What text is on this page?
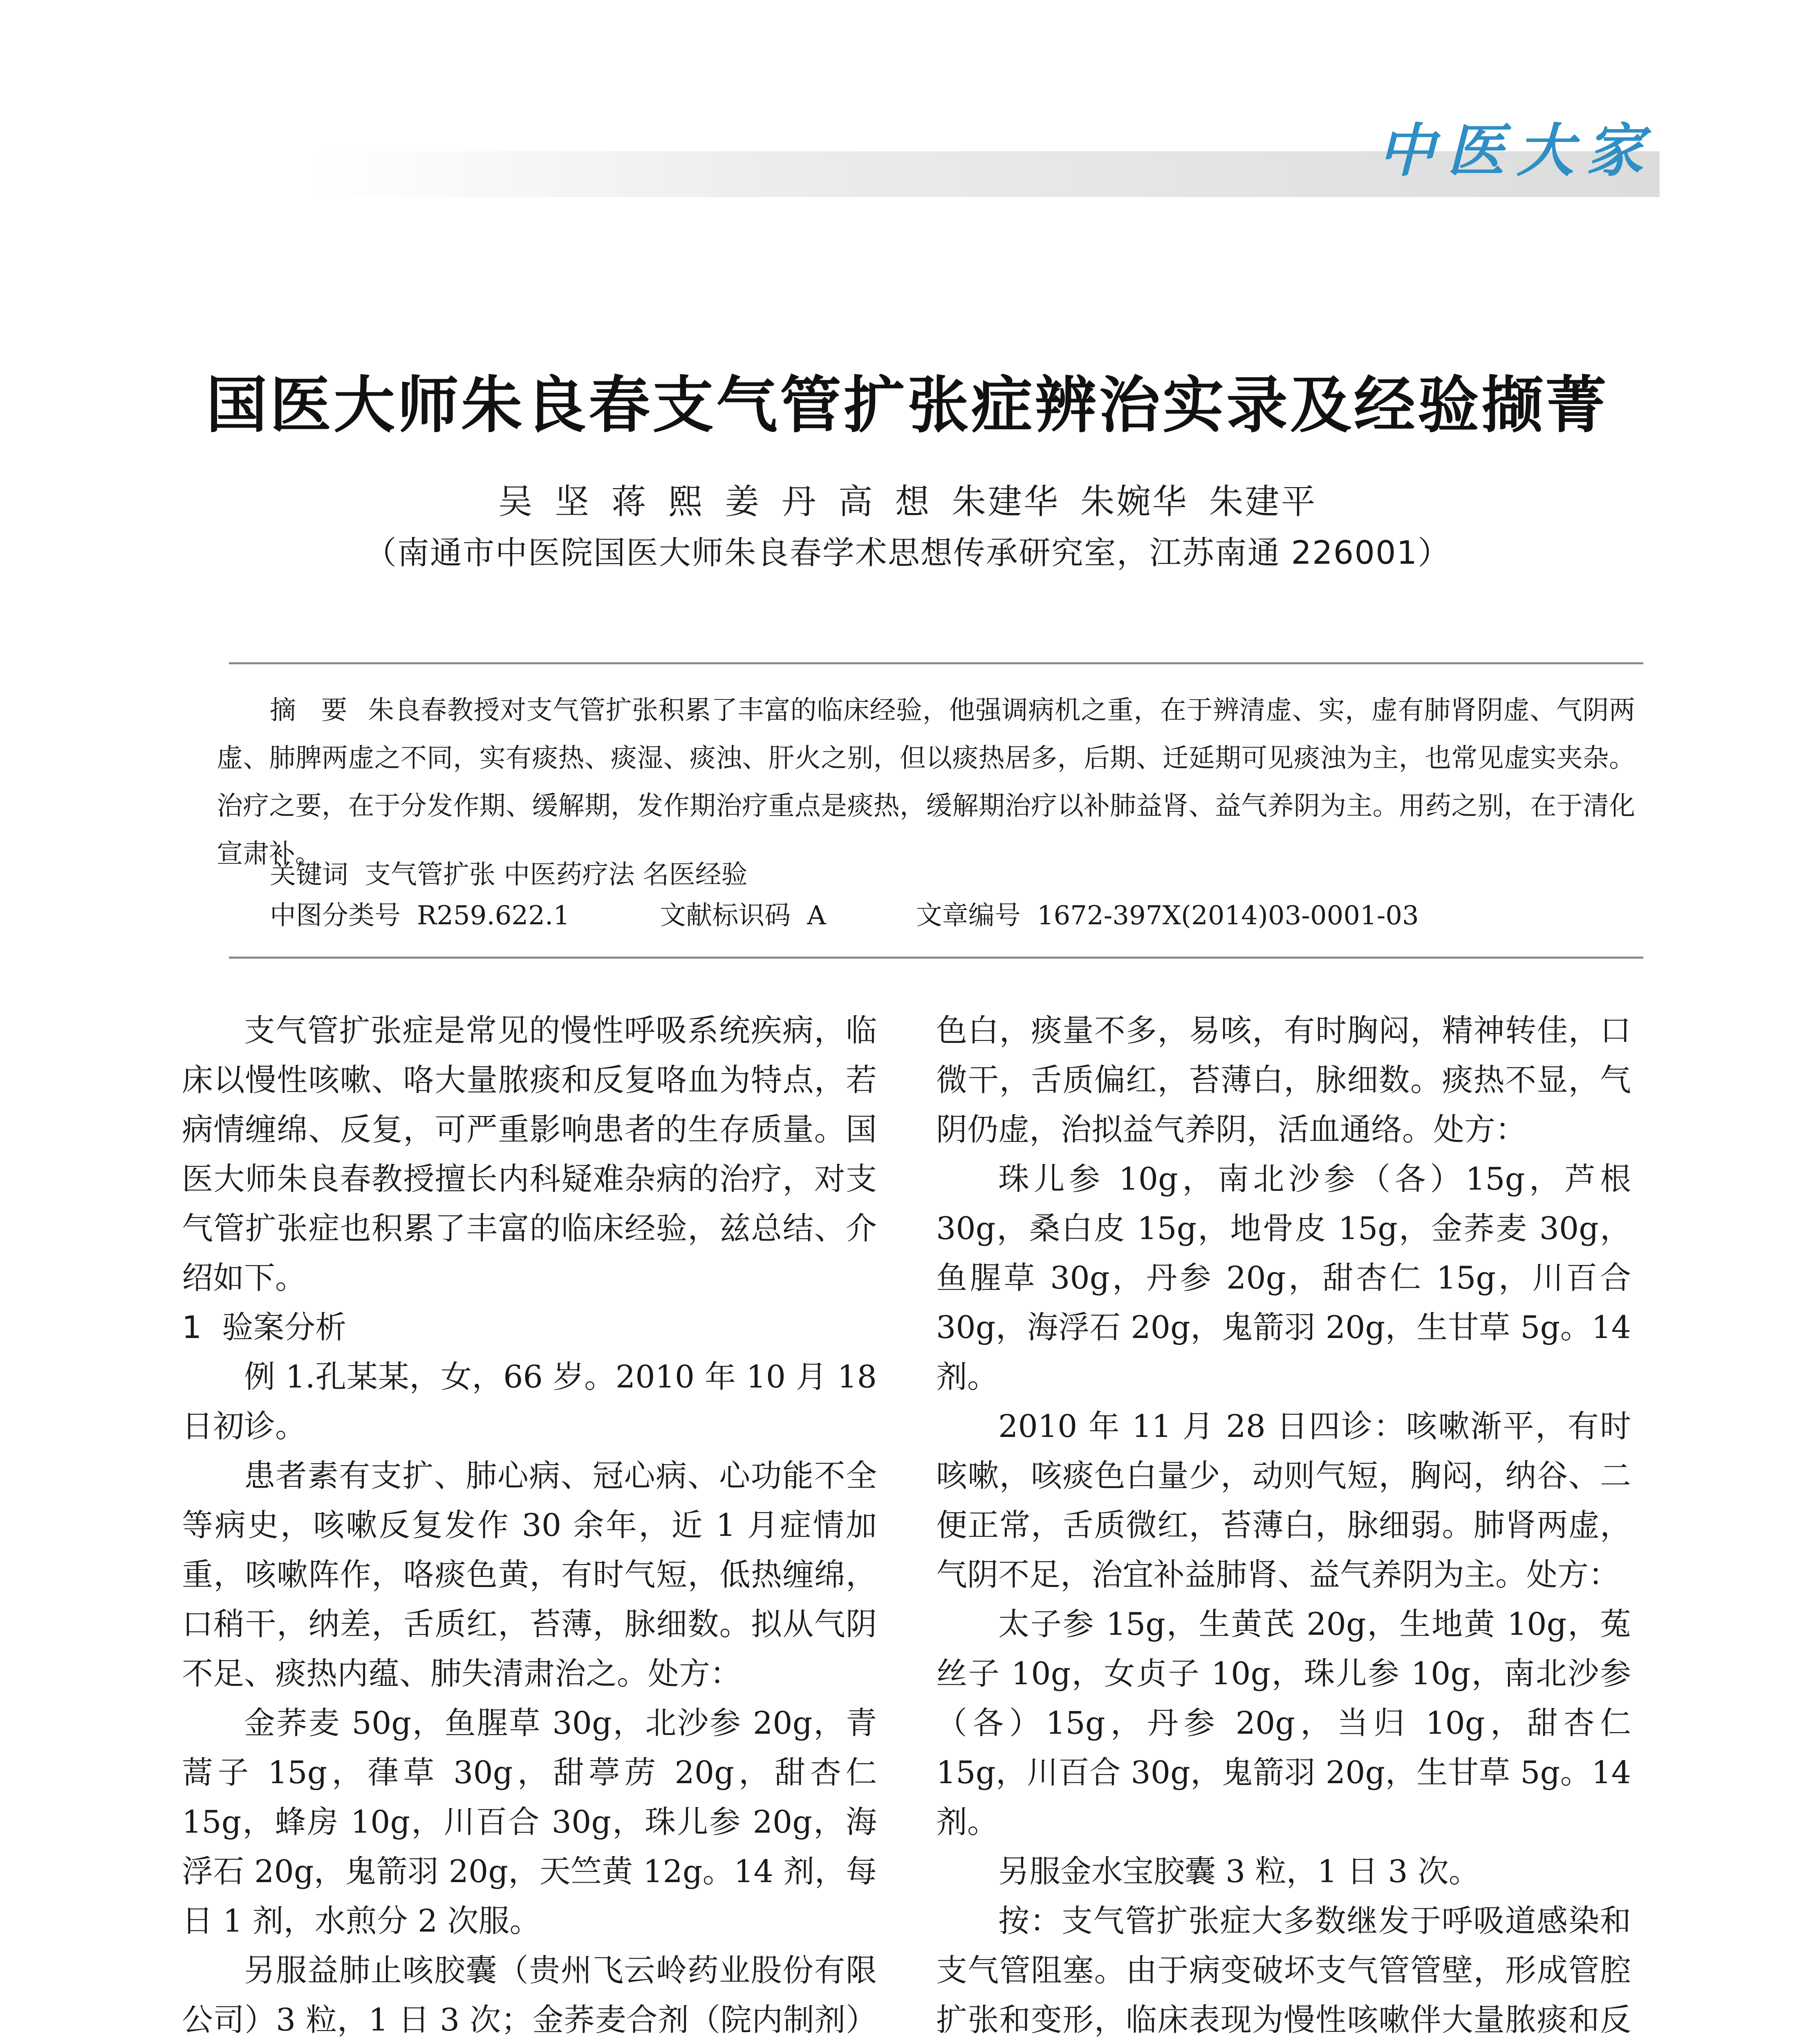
中医大家
国医大师朱良春支气管扩张症辨治实录及经验撷菁
吴 坚 蒋 熙 姜 丹 高 想 朱建华 朱婉华 朱建平
（南通市中医院国医大师朱良春学术思想传承研究室，江苏南通 226001）

摘 要 朱良春教授对支气管扩张积累了丰富的临床经验，他强调病机之重，在于辨清虚、实，虚有肺肾阴虚、气阴两虚、肺脾两虚之不同，实有痰热、痰湿、痰浊、肝火之别，但以痰热居多，后期、迁延期可见痰浊为主，也常见虚实夹杂。治疗之要，在于分发作期、缓解期，发作期治疗重点是痰热，缓解期治疗以补肺益肾、益气养阴为主。用药之别，在于清化宣肃补。

关键词 支气管扩张 中医药疗法 名医经验
中图分类号 R259.622.1	文献标识码 A	文章编号 1672-397X(2014)03-0001-03

支气管扩张症是常见的慢性呼吸系统疾病，临床以慢性咳嗽、咯大量脓痰和反复咯血为特点，若病情缠绵、反复，可严重影响患者的生存质量。国医大师朱良春教授擅长内科疑难杂病的治疗，对支气管扩张症也积累了丰富的临床经验，兹总结、介绍如下。

1 验案分析

例 1.孔某某，女，66 岁。2010 年 10 月 18 日初诊。

患者素有支扩、肺心病、冠心病、心功能不全等病史，咳嗽反复发作 30 余年，近 1 月症情加重，咳嗽阵作，咯痰色黄，有时气短，低热缠绵，口稍干，纳差，舌质红，苔薄，脉细数。拟从气阴不足、痰热内蕴、肺失清肃治之。处方：

金荞麦 50g，鱼腥草 30g，北沙参 20g，青蒿子 15g，葎草 30g，甜葶苈 20g，甜杏仁 15g，蜂房 10g，川百合 30g，珠儿参 20g，海浮石 20g，鬼箭羽 20g，天竺黄 12g。14 剂，每日 1 剂，水煎分 2 次服。

另服益肺止咳胶囊（贵州飞云岭药业股份有限公司）3 粒，1 日 3 次；金荞麦合剂（院内制剂）

色白，痰量不多，易咳，有时胸闷，精神转佳，口微干，舌质偏红，苔薄白，脉细数。痰热不显，气阴仍虚，治拟益气养阴，活血通络。处方：

珠儿参 10g，南北沙参（各）15g，芦根 30g，桑白皮 15g，地骨皮 15g，金荞麦 30g，鱼腥草 30g，丹参 20g，甜杏仁 15g，川百合 30g，海浮石 20g，鬼箭羽 20g，生甘草 5g。14 剂。

2010 年 11 月 28 日四诊：咳嗽渐平，有时咳嗽，咳痰色白量少，动则气短，胸闷，纳谷、二便正常，舌质微红，苔薄白，脉细弱。肺肾两虚，气阴不足，治宜补益肺肾、益气养阴为主。处方：

太子参 15g，生黄芪 20g，生地黄 10g，菟丝子 10g，女贞子 10g，珠儿参 10g，南北沙参（各）15g，丹参 20g，当归 10g，甜杏仁 15g，川百合 30g，鬼箭羽 20g，生甘草 5g。14 剂。

另服金水宝胶囊 3 粒，1 日 3 次。

按：支气管扩张症大多数继发于呼吸道感染和支气管阻塞。由于病变破坏支气管管壁，形成管腔扩张和变形，临床表现为慢性咳嗽伴大量脓痰和反
